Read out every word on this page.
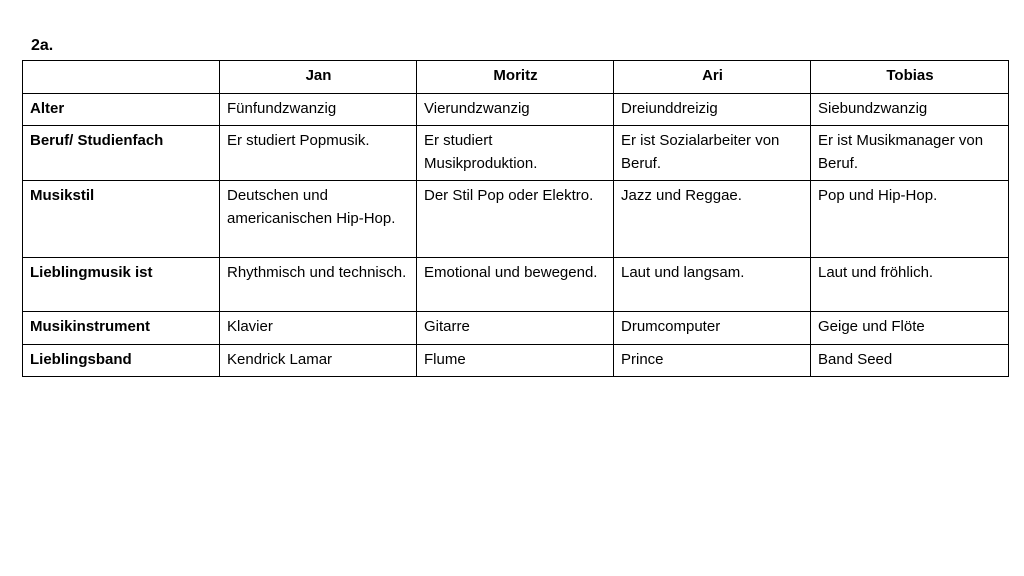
2a.
	Jan	Moritz	Ari	Tobias
Alter	Fünfundzwanzig	Vierundzwanzig	Dreiunddreizig	Siebundzwanzig
Beruf/ Studienfach	Er studiert Popmusik.	Er studiert Musikproduktion.	Er ist Sozialarbeiter von Beruf.	Er ist Musikmanager von Beruf.
Musikstil	Deutschen und americanischen Hip-Hop.	Der Stil Pop oder Elektro.	Jazz und Reggae.	Pop und Hip-Hop.
Lieblingmusik ist	Rhythmisch und technisch.	Emotional und bewegend.	Laut und langsam.	Laut und fröhlich.
Musikinstrument	Klavier	Gitarre	Drumcomputer	Geige und Flöte
Lieblingsband	Kendrick Lamar	Flume	Prince	Band Seed
